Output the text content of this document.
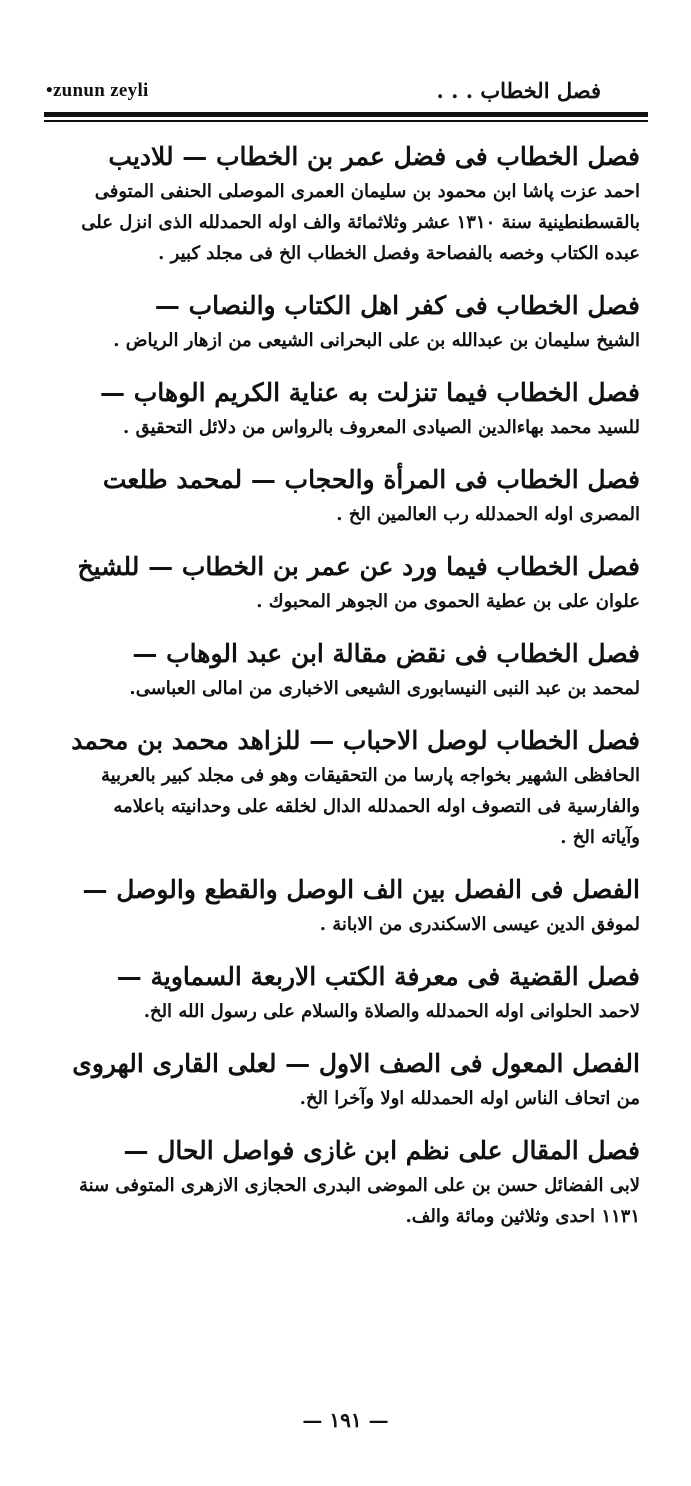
•zunun zeyli	فصل الخطاب . . .

فصل الخطاب فى فضل عمر بن الخطاب — للاديب

احمد عزت پاشا ابن محمود بن سليمان العمرى الموصلى الحنفى المتوفى بالقسطنطينية سنة ١٣١٠ عشر وثلاثمائة والف اوله الحمدلله الذى انزل على عبده الكتاب وخصه بالفصاحة وفصل الخطاب الخ فى مجلد كبير .

فصل الخطاب فى كفر اهل الكتاب والنصاب —

الشيخ سليمان بن عبدالله بن على البحرانى الشيعى من ازهار الرياض .

فصل الخطاب فيما تنزلت به عناية الكريم الوهاب —

للسيد محمد بهاءالدين الصيادى المعروف بالرواس من دلائل التحقيق .

فصل الخطاب فى المرأة والحجاب — لمحمد طلعت

المصرى اوله الحمدلله رب العالمين الخ .

فصل الخطاب فيما ورد عن عمر بن الخطاب — للشيخ

علوان على بن عطية الحموى من الجوهر المحبوك .

فصل الخطاب فى نقض مقالة ابن عبد الوهاب —

لمحمد بن عبد النبى النيسابورى الشيعى الاخبارى من امالى العباسى.

فصل الخطاب لوصل الاحباب — للزاهد محمد بن محمد

الحافظى الشهير بخواجه پارسا من التحقيقات وهو فى مجلد كبير بالعربية والفارسية فى التصوف اوله الحمدلله الدال لخلقه على وحدانيته باعلامه وآياته الخ .

الفصل فى الفصل بين الف الوصل والقطع والوصل —

لموفق الدين عيسى الاسكندرى من الابانة .

فصل القضية فى معرفة الكتب الاربعة السماوية —

لاحمد الحلوانى اوله الحمدلله والصلاة والسلام على رسول الله الخ.

الفصل المعول فى الصف الاول — لعلى القارى الهروى

من اتحاف الناس اوله الحمدلله اولا وآخرا الخ.

فصل المقال على نظم ابن غازى فواصل الحال —

لابى الفضائل حسن بن على الموضى البدرى الحجازى الازهرى المتوفى سنة ١١٣١ احدى وثلاثين ومائة والف.

— ١٩١ —
